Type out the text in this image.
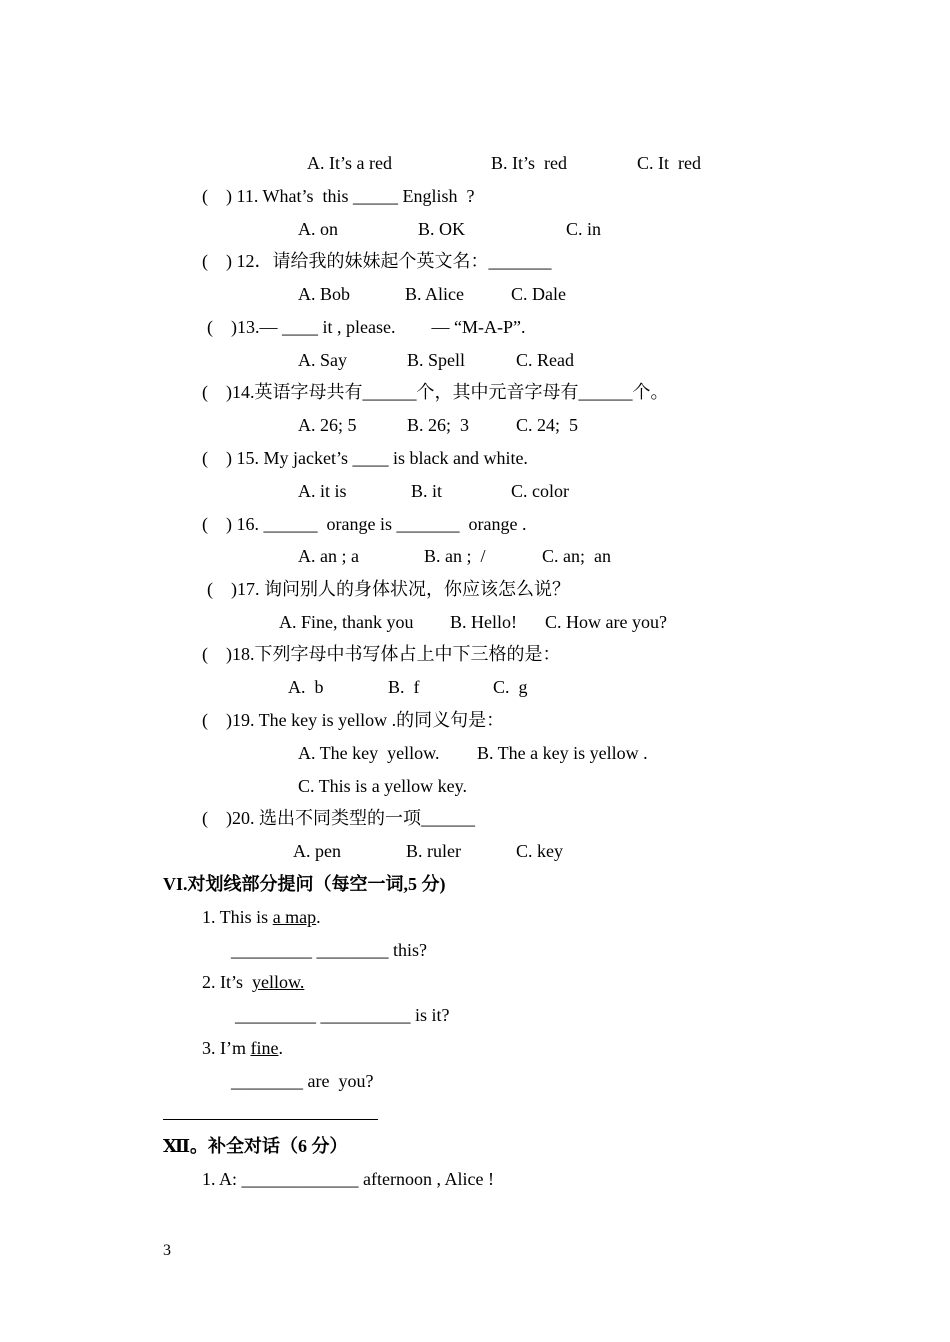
A. It’s a red	B. It’s  red	C. It  red

(    ) 11. What’s  this _____ English  ?

A. on	B. OK	C. in

(    ) 12．请给我的妹妹起个英文名：_______

A. Bob	B. Alice	C. Dale

(    )13.— ____ it , please.        — “M-A-P”.

A. Say	B. Spell	C. Read

(    )14.英语字母共有______个，其中元音字母有______个。

A. 26; 5	B. 26;  3	C. 24;  5

(    ) 15. My jacket’s ____ is black and white.

A. it is	B. it	C. color

(    ) 16. ______  orange is _______  orange .

A. an ; a	B. an ;  /	C. an;  an

(    )17. 询问别人的身体状况，你应该怎么说？

A. Fine, thank you B. Hello! C. How are you?

(    )18.下列字母中书写体占上中下三格的是：

A.  b	B.  f	C.  g

(    )19. The key is yellow .的同义句是：

A. The key  yellow. B. The a key is yellow .

C. This is a yellow key.

(    )20. 选出不同类型的一项______

A. pen	B. ruler	C. key

VI.对划线部分提问（每空一词,5 分)

1. This is a map.

_________ ________ this?

2. It’s  yellow.

_________ __________ is it?

3. I’m fine.

________ are  you?

Ⅻ。补全对话（6 分）

1. A: _____________ afternoon , Alice !

3
